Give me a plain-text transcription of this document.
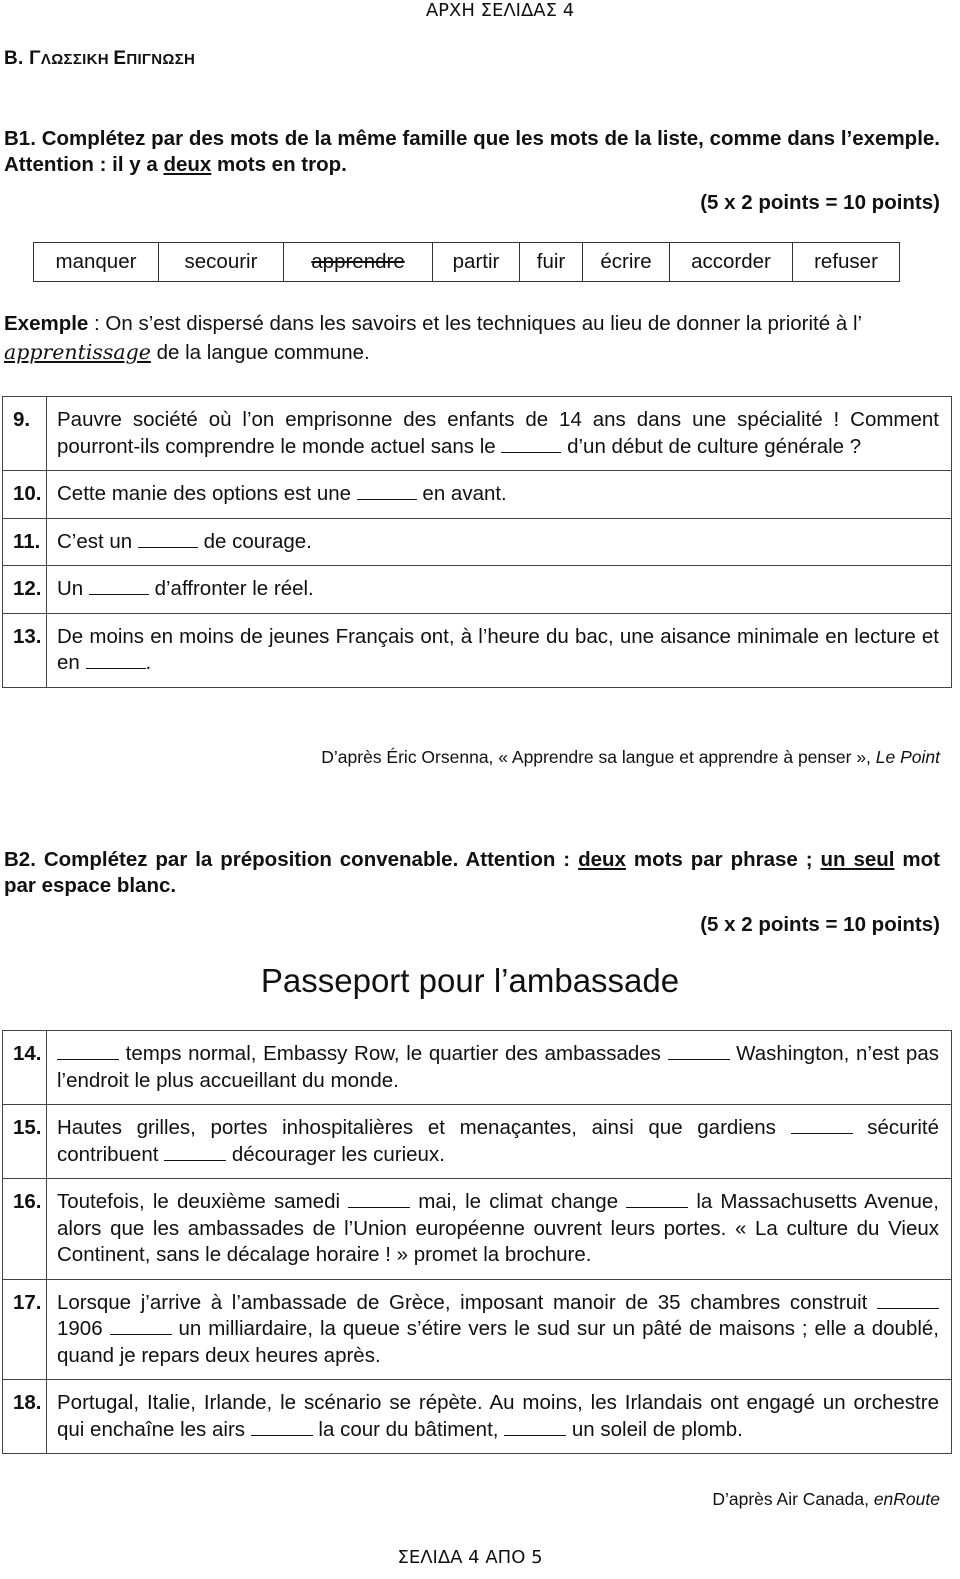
ΑΡΧΗ ΣΕΛΙΔΑΣ 4
Β. ΓΛΩΣΣΙΚΗ ΕΠΙΓΝΩΣΗ
B1. Complétez par des mots de la même famille que les mots de la liste, comme dans l’exemple. Attention : il y a deux mots en trop.
(5 x 2 points = 10 points)
manquer	secourir	apprendre	partir	fuir	écrire	accorder	refuser
Exemple : On s’est dispersé dans les savoirs et les techniques au lieu de donner la priorité à l’ apprentissage de la langue commune.
9.	Pauvre société où l’on emprisonne des enfants de 14 ans dans une spécialité ! Comment pourront-ils comprendre le monde actuel sans le d’un début de culture générale ?
10.	Cette manie des options est une en avant.
11.	C’est un de courage.
12.	Un d’affronter le réel.
13.	De moins en moins de jeunes Français ont, à l’heure du bac, une aisance minimale en lecture et en .
D’après Éric Orsenna, « Apprendre sa langue et apprendre à penser », Le Point
B2. Complétez par la préposition convenable. Attention : deux mots par phrase ; un seul mot par espace blanc.
(5 x 2 points = 10 points)
Passeport pour l’ambassade
14.	temps normal, Embassy Row, le quartier des ambassades Washington, n’est pas l’endroit le plus accueillant du monde.
15.	Hautes grilles, portes inhospitalières et menaçantes, ainsi que gardiens sécurité contribuent décourager les curieux.
16.	Toutefois, le deuxième samedi mai, le climat change la Massachusetts Avenue, alors que les ambassades de l’Union européenne ouvrent leurs portes. « La culture du Vieux Continent, sans le décalage horaire ! » promet la brochure.
17.	Lorsque j’arrive à l’ambassade de Grèce, imposant manoir de 35 chambres construit  1906 un milliardaire, la queue s’étire vers le sud sur un pâté de maisons ; elle a doublé, quand je repars deux heures après.
18.	Portugal, Italie, Irlande, le scénario se répète. Au moins, les Irlandais ont engagé un orchestre qui enchaîne les airs la cour du bâtiment, un soleil de plomb.
D’après Air Canada, enRoute
ΣΕΛΙΔΑ 4 ΑΠΟ 5
